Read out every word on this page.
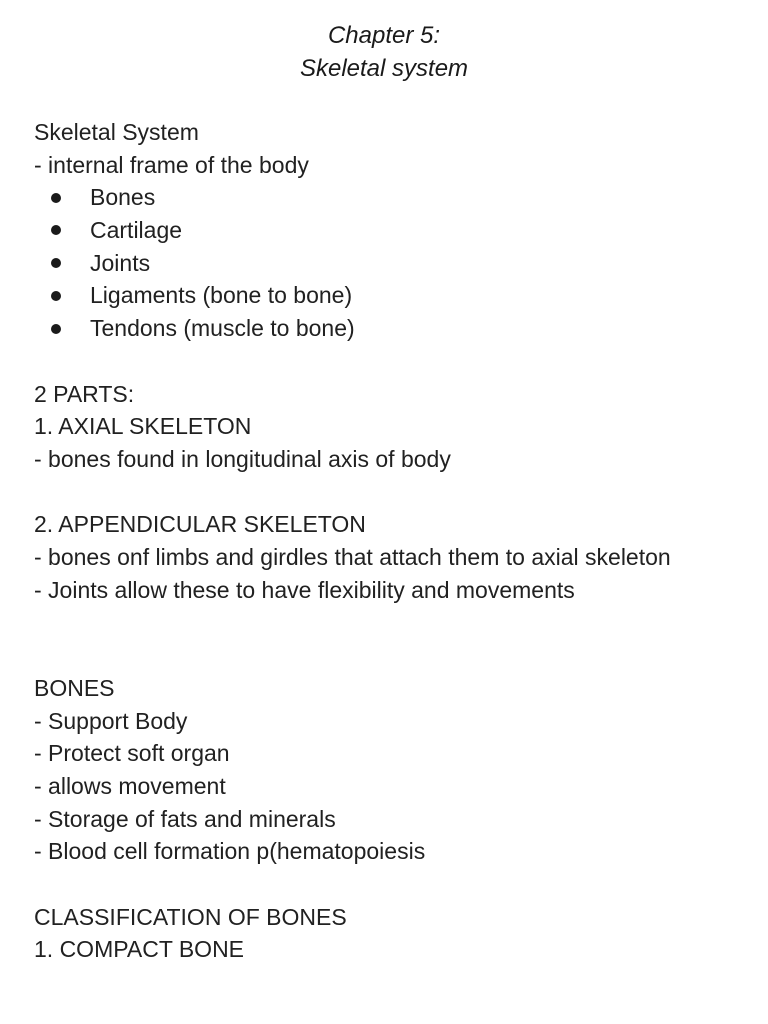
Chapter 5:
Skeletal system
Skeletal System
- internal frame of the body
Bones
Cartilage
Joints
Ligaments (bone to bone)
Tendons (muscle to bone)
2 PARTS:
1. AXIAL SKELETON
- bones found in longitudinal axis of body
2. APPENDICULAR SKELETON
- bones onf limbs and girdles that attach them to axial skeleton
- Joints allow these to have flexibility and movements
BONES
- Support Body
- Protect soft organ
- allows movement
- Storage of fats and minerals
- Blood cell formation p(hematopoiesis
CLASSIFICATION OF BONES
1. COMPACT BONE
